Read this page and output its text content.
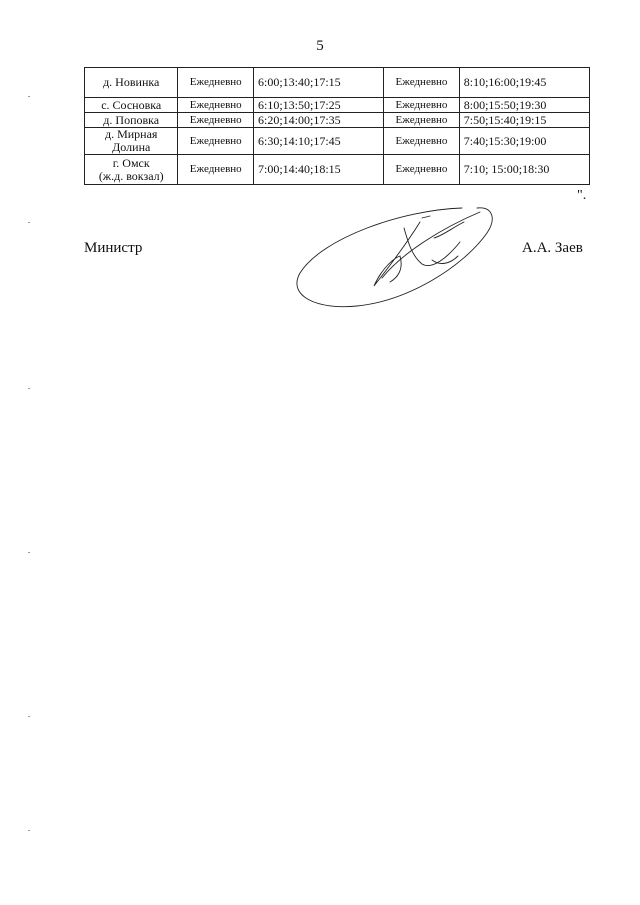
5
д. Новинка	Ежедневно	6:00;13:40;17:15	Ежедневно	8:10;16:00;19:45
с. Сосновка	Ежедневно	6:10;13:50;17:25	Ежедневно	8:00;15:50;19:30
д. Поповка	Ежедневно	6:20;14:00;17:35	Ежедневно	7:50;15:40;19:15
д. Мирная
Долина	Ежедневно	6:30;14:10;17:45	Ежедневно	7:40;15:30;19:00
г. Омск
(ж.д. вокзал)	Ежедневно	7:00;14:40;18:15	Ежедневно	7:10; 15:00;18:30
".
Министр	А.А. Заев
